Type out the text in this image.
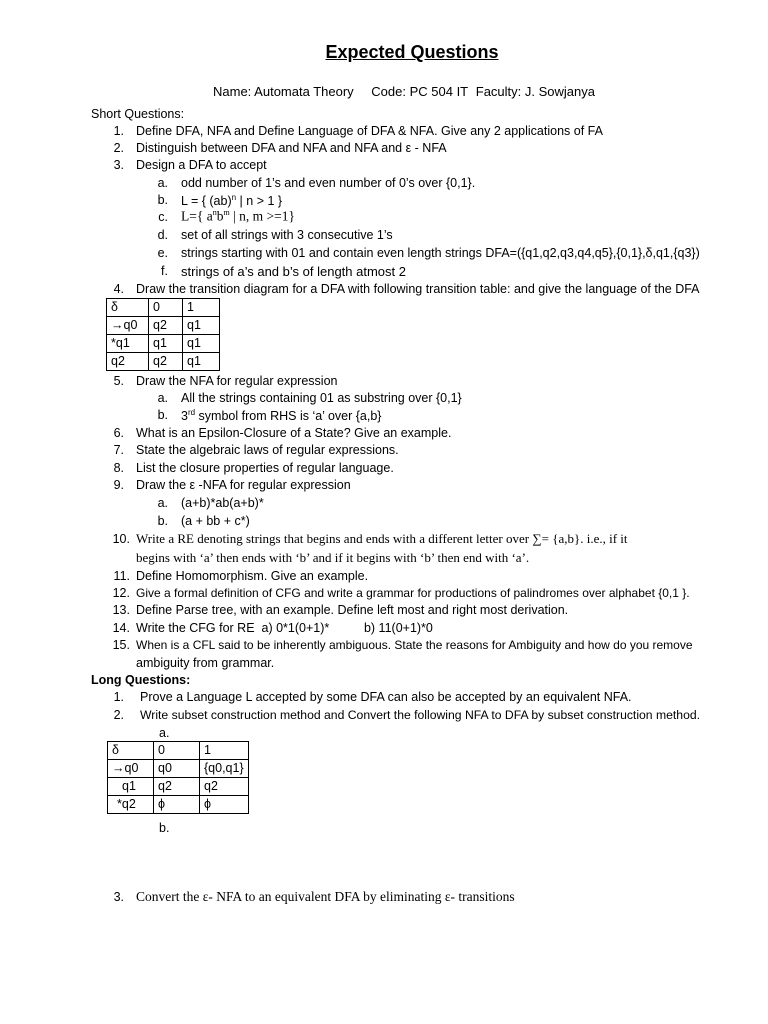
Expected Questions
Name: Automata Theory Code: PC 504 IT Faculty: J. Sowjanya
Short Questions:
1. Define DFA, NFA and Define Language of DFA & NFA. Give any 2 applications of FA
2. Distinguish between DFA and NFA and NFA and ε - NFA
3. Design a DFA to accept
a. odd number of 1’s and even number of 0’s over {0,1}.
b. L = { (ab)$^n$ | n > 1 }
c. L={ $a^nb^m$ | n, m >=1}
d. set of all strings with 3 consecutive 1’s
e. strings starting with 01 and contain even length strings DFA=({q1,q2,q3,q4,q5},{0,1},δ,q1,{q3})
f. strings of a’s and b’s of length atmost 2
4. Draw the transition diagram for a DFA with following transition table: and give the language of the DFA
δ	0	1
→q0	q2	q1
*q1	q1	q1
q2	q2	q1
5. Draw the NFA for regular expression
a. All the strings containing 01 as substring over {0,1}
b. 3rd symbol from RHS is ‘a’ over {a,b}
6. What is an Epsilon-Closure of a State? Give an example.
7. State the algebraic laws of regular expressions.
8. List the closure properties of regular language.
9. Draw the ε -NFA for regular expression
a. (a+b)*ab(a+b)*
b. (a + bb + c*)
10. Write a RE denoting strings that begins and ends with a different letter over ∑= {a,b}. i.e., if it
begins with ‘a’ then ends with ‘b’ and if it begins with ‘b’ then end with ‘a’.
11. Define Homomorphism. Give an example.
12. Give a formal definition of CFG and write a grammar for productions of palindromes over alphabet {0,1 }.
13. Define Parse tree, with an example. Define left most and right most derivation.
14. Write the CFG for RE  a) 0*1(0+1)*          b) 11(0+1)*0
15. When is a CFL said to be inherently ambiguous. State the reasons for Ambiguity and how do you remove
ambiguity from grammar.
Long Questions:
1. Prove a Language L accepted by some DFA can also be accepted by an equivalent NFA.
2. Write subset construction method and Convert the following NFA to DFA by subset construction method.
a.
δ	0	1
→q0	q0	{q0,q1}
q1	q2	q2
*q2	ϕ	ϕ
b.
3. Convert the ε- NFA to an equivalent DFA by eliminating ε- transitions
